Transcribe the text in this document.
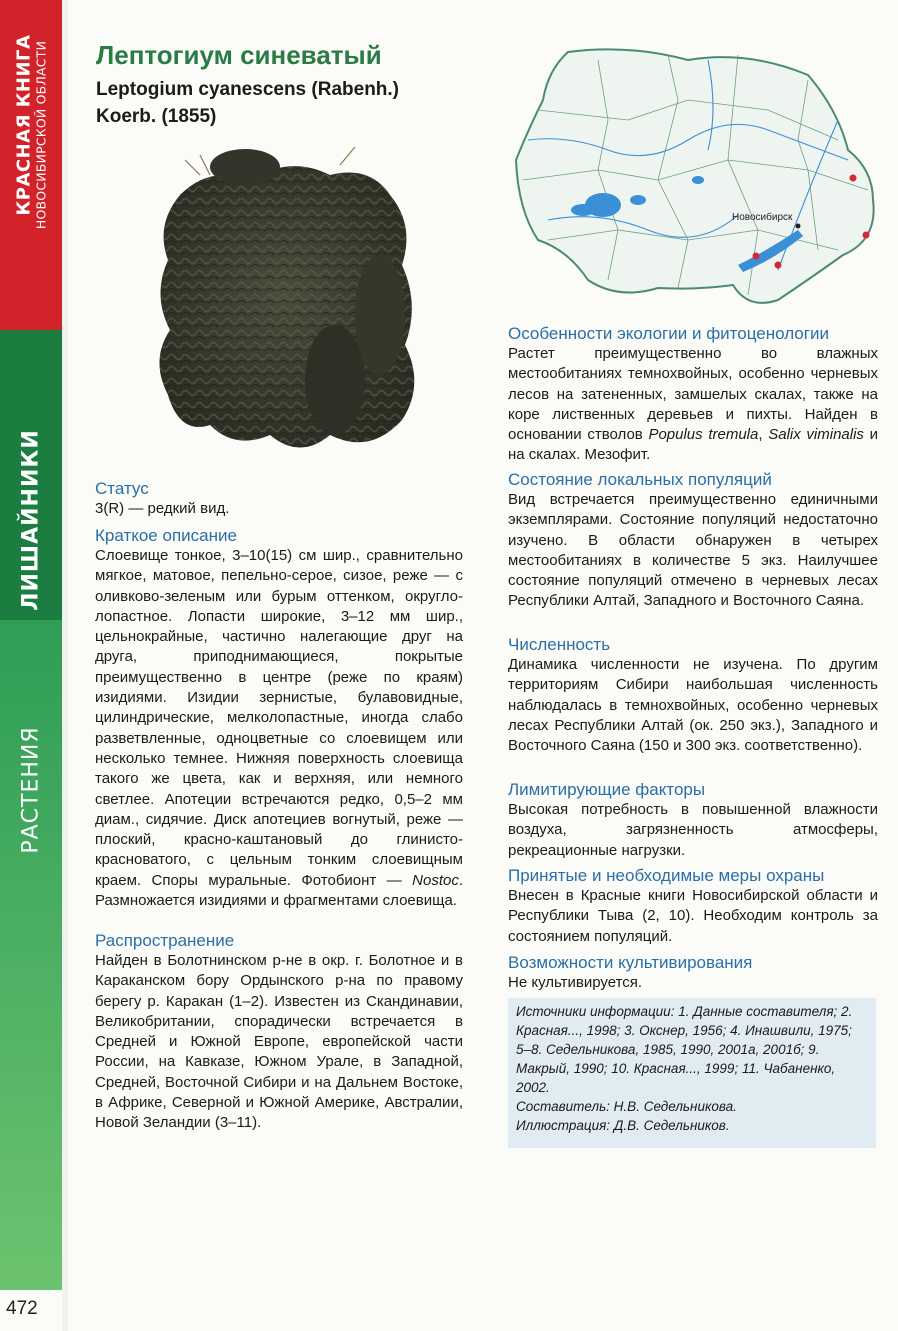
КРАСНАЯ КНИГА НОВОСИБИРСКОЙ ОБЛАСТИ
ЛИШАЙНИКИ
РАСТЕНИЯ
472
Лептогиум синеватый
Leptogium cyanescens (Rabenh.) Koerb. (1855)
Новосибирск

Статус

3(R) — редкий вид.

Краткое описание

Слоевище тонкое, 3–10(15) см шир., сравнительно мягкое, матовое, пепельно-серое, сизое, реже — с оливково-зеленым или бурым оттенком, округло-лопастное. Лопасти широкие, 3–12 мм шир., цельнокрайные, частично налегающие друг на друга, приподнимающиеся, покрытые преимущественно в центре (реже по краям) изидиями. Изидии зернистые, булавовидные, цилиндрические, мелколопастные, иногда слабо разветвленные, одноцветные со слоевищем или несколько темнее. Нижняя поверхность слоевища такого же цвета, как и верхняя, или немного светлее. Апотеции встречаются редко, 0,5–2 мм диам., сидячие. Диск апотециев вогнутый, реже — плоский, красно-каштановый до глинисто-красноватого, с цельным тонким слоевищным краем. Споры муральные. Фотобионт — Nostoc. Размножается изидиями и фрагментами слоевища.

Распространение

Найден в Болотнинском р-не в окр. г. Болотное и в Караканском бору Ордынского р-на по правому берегу р. Каракан (1–2). Известен из Скандинавии, Великобритании, спорадически встречается в Средней и Южной Европе, европейской части России, на Кавказе, Южном Урале, в Западной, Средней, Восточной Сибири и на Дальнем Востоке, в Африке, Северной и Южной Америке, Австралии, Новой Зеландии (3–11).

Особенности экологии и фитоценологии

Растет преимущественно во влажных местообитаниях темнохвойных, особенно черневых лесов на затененных, замшелых скалах, также на коре лиственных деревьев и пихты. Найден в основании стволов Populus tremula, Salix viminalis и на скалах. Мезофит.

Состояние локальных популяций

Вид встречается преимущественно единичными экземплярами. Состояние популяций недостаточно изучено. В области обнаружен в четырех местообитаниях в количестве 5 экз. Наилучшее состояние популяций отмечено в черневых лесах Республики Алтай, Западного и Восточного Саяна.

Численность

Динамика численности не изучена. По другим территориям Сибири наибольшая численность наблюдалась в темнохвойных, особенно черневых лесах Республики Алтай (ок. 250 экз.), Западного и Восточного Саяна (150 и 300 экз. соответственно).

Лимитирующие факторы

Высокая потребность в повышенной влажности воздуха, загрязненность атмосферы, рекреационные нагрузки.

Принятые и необходимые меры охраны

Внесен в Красные книги Новосибирской области и Республики Тыва (2, 10). Необходим контроль за состоянием популяций.

Возможности культивирования

Не культивируется.

Источники информации: 1. Данные составителя; 2. Красная..., 1998; 3. Окснер, 1956; 4. Инашвили, 1975; 5–8. Седельникова, 1985, 1990, 2001а, 2001б; 9. Макрый, 1990; 10. Красная..., 1999; 11. Чабаненко, 2002.

Составитель: Н.В. Седельникова.

Иллюстрация: Д.В. Седельников.
